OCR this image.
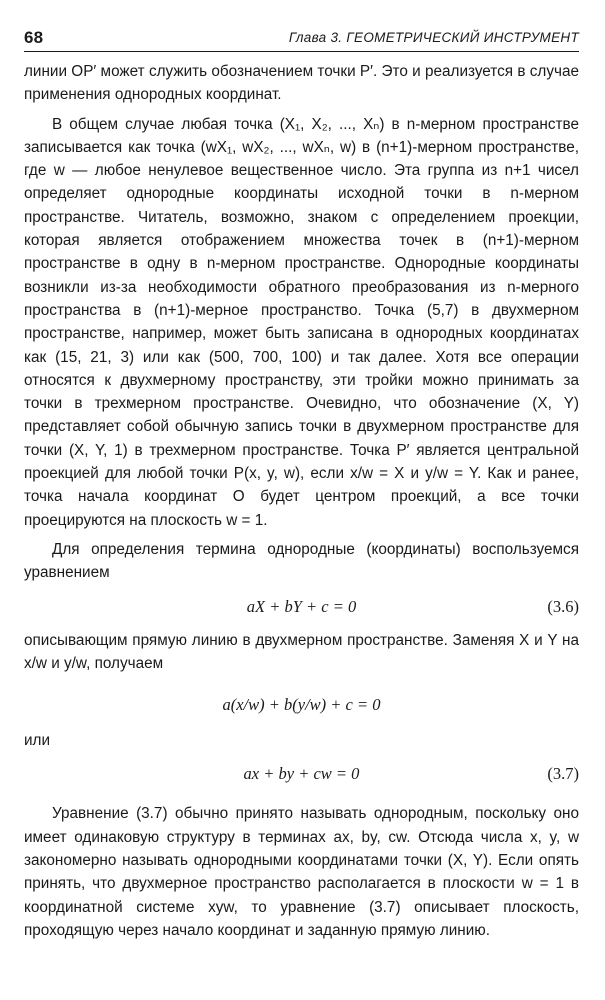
68	Глава 3. ГЕОМЕТРИЧЕСКИЙ ИНСТРУМЕНТ

линии OP′ может служить обозначением точки P′. Это и реализуется в случае применения однородных координат.

В общем случае любая точка (X₁, X₂, ..., Xₙ) в n-мерном пространстве записывается как точка (wX₁, wX₂, ..., wXₙ, w) в (n+1)-мерном пространстве, где w — любое ненулевое вещественное число. Эта группа из n+1 чисел определяет однородные координаты исходной точки в n-мерном пространстве. Читатель, возможно, знаком с определением проекции, которая является отображением множества точек в (n+1)-мерном пространстве в одну в n-мерном пространстве. Однородные координаты возникли из-за необходимости обратного преобразования из n-мерного пространства в (n+1)-мерное пространство. Точка (5,7) в двухмерном пространстве, например, может быть записана в однородных координатах как (15, 21, 3) или как (500, 700, 100) и так далее. Хотя все операции относятся к двухмерному пространству, эти тройки можно принимать за точки в трехмерном пространстве. Очевидно, что обозначение (X, Y) представляет собой обычную запись точки в двухмерном пространстве для точки (X, Y, 1) в трехмерном пространстве. Точка P′ является центральной проекцией для любой точки P(x, y, w), если x/w = X и y/w = Y. Как и ранее, точка начала координат O будет центром проекций, а все точки проецируются на плоскость w = 1.

Для определения термина однородные (координаты) воспользуемся уравнением

aX + bY + c = 0	(3.6)

описывающим прямую линию в двухмерном пространстве. Заменяя X и Y на x/w и y/w, получаем

a(x/w) + b(y/w) + c = 0

или

ax + by + cw = 0	(3.7)

Уравнение (3.7) обычно принято называть однородным, поскольку оно имеет одинаковую структуру в терминах ax, by, cw. Отсюда числа x, y, w закономерно называть однородными координатами точки (X, Y). Если опять принять, что двухмерное пространство располагается в плоскости w = 1 в координатной системе xyw, то уравнение (3.7) описывает плоскость, проходящую через начало координат и заданную прямую линию.
